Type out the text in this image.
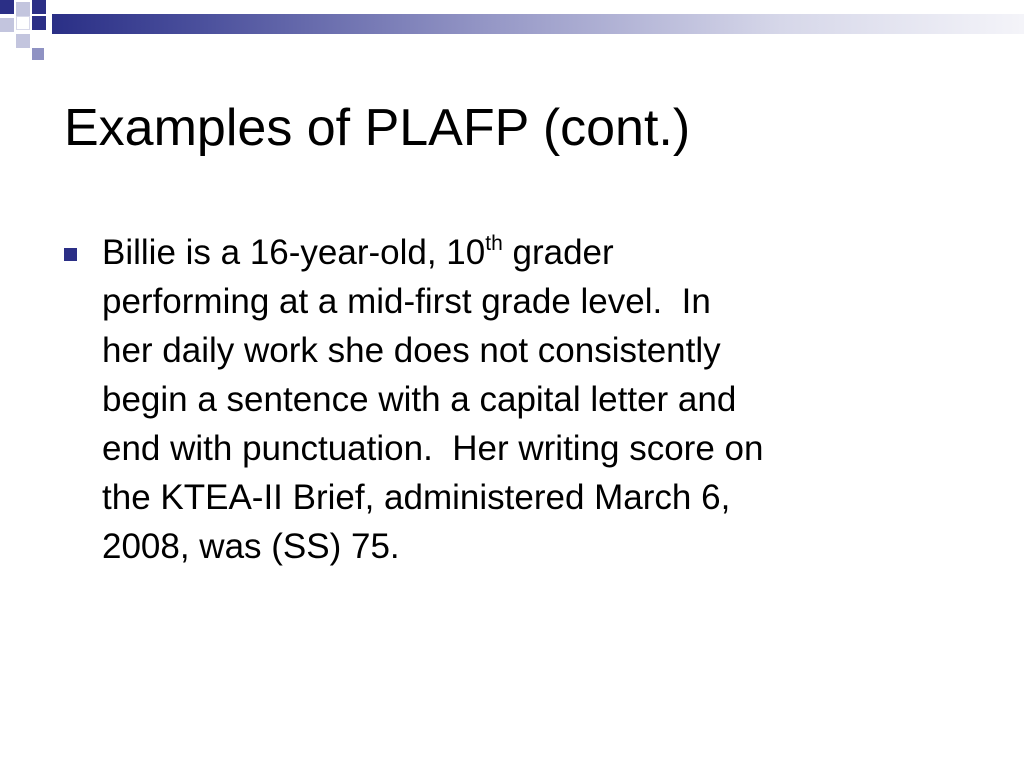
Examples of PLAFP (cont.)
Billie is a 16-year-old, 10th grader
performing at a mid-first grade level.  In
her daily work she does not consistently
begin a sentence with a capital letter and
end with punctuation.  Her writing score on
the KTEA-II Brief, administered March 6,
2008, was (SS) 75.
